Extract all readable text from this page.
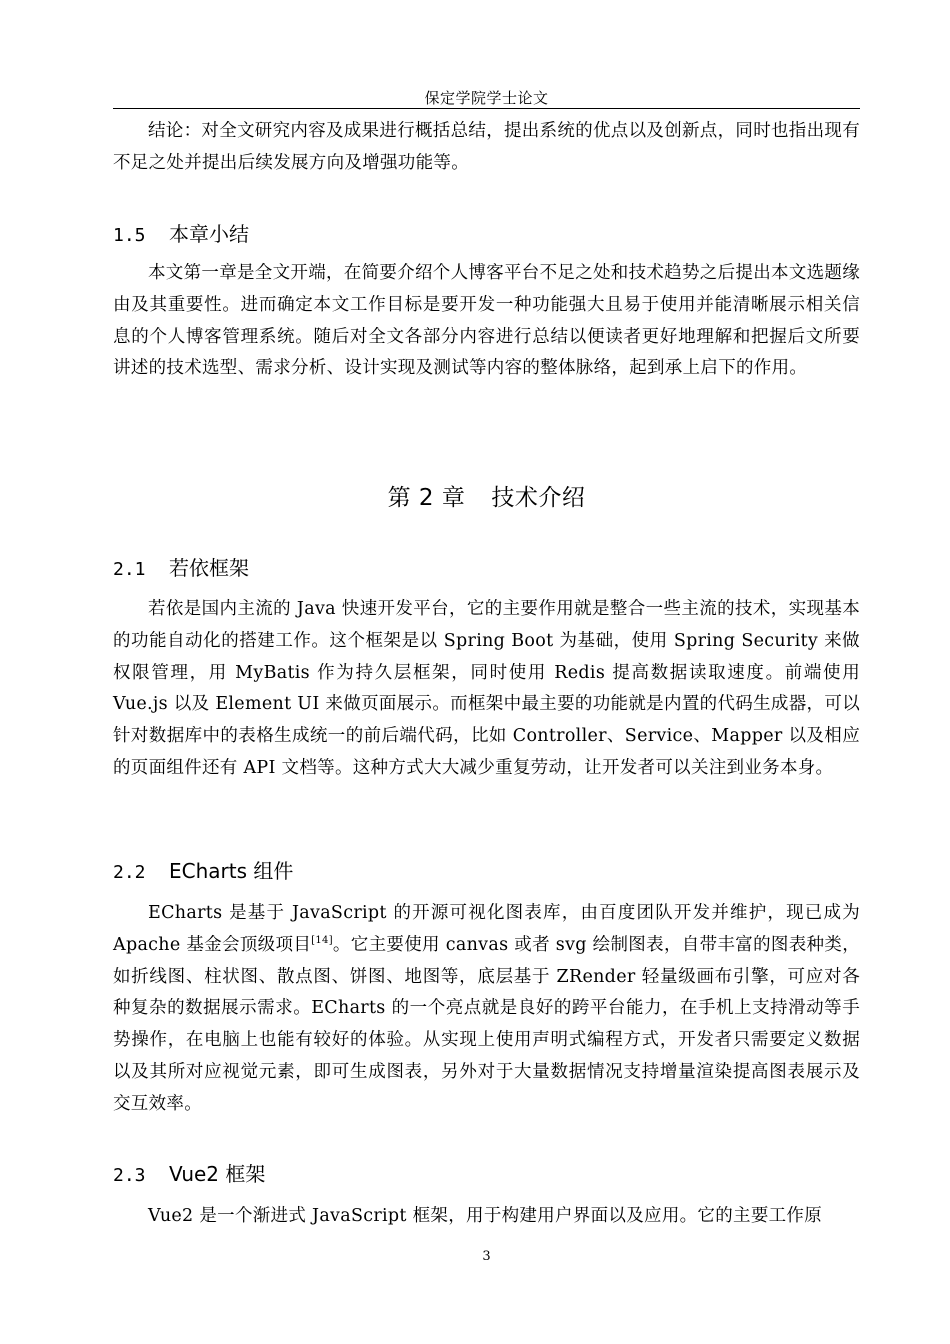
保定学院学士论文

结论：对全文研究内容及成果进行概括总结，提出系统的优点以及创新点，同时也指出现有不足之处并提出后续发展方向及增强功能等。

1.5 本章小结

本文第一章是全文开端，在简要介绍个人博客平台不足之处和技术趋势之后提出本文选题缘由及其重要性。进而确定本文工作目标是要开发一种功能强大且易于使用并能清晰展示相关信息的个人博客管理系统。随后对全文各部分内容进行总结以便读者更好地理解和把握后文所要讲述的技术选型、需求分析、设计实现及测试等内容的整体脉络，起到承上启下的作用。

第 2 章 技术介绍
2.1 若依框架

若依是国内主流的 Java 快速开发平台，它的主要作用就是整合一些主流的技术，实现基本的功能自动化的搭建工作。这个框架是以 Spring Boot 为基础，使用 Spring Security 来做权限管理，用 MyBatis 作为持久层框架，同时使用 Redis 提高数据读取速度。前端使用 Vue.js 以及 Element UI 来做页面展示。而框架中最主要的功能就是内置的代码生成器，可以针对数据库中的表格生成统一的前后端代码，比如 Controller、Service、Mapper 以及相应的页面组件还有 API 文档等。这种方式大大减少重复劳动，让开发者可以关注到业务本身。

2.2 ECharts 组件

ECharts 是基于 JavaScript 的开源可视化图表库，由百度团队开发并维护，现已成为 Apache 基金会顶级项目[14]。它主要使用 canvas 或者 svg 绘制图表，自带丰富的图表种类，如折线图、柱状图、散点图、饼图、地图等，底层基于 ZRender 轻量级画布引擎，可应对各种复杂的数据展示需求。ECharts 的一个亮点就是良好的跨平台能力，在手机上支持滑动等手势操作，在电脑上也能有较好的体验。从实现上使用声明式编程方式，开发者只需要定义数据以及其所对应视觉元素，即可生成图表，另外对于大量数据情况支持增量渲染提高图表展示及交互效率。

2.3 Vue2 框架

Vue2 是一个渐进式 JavaScript 框架，用于构建用户界面以及应用。它的主要工作原

3
